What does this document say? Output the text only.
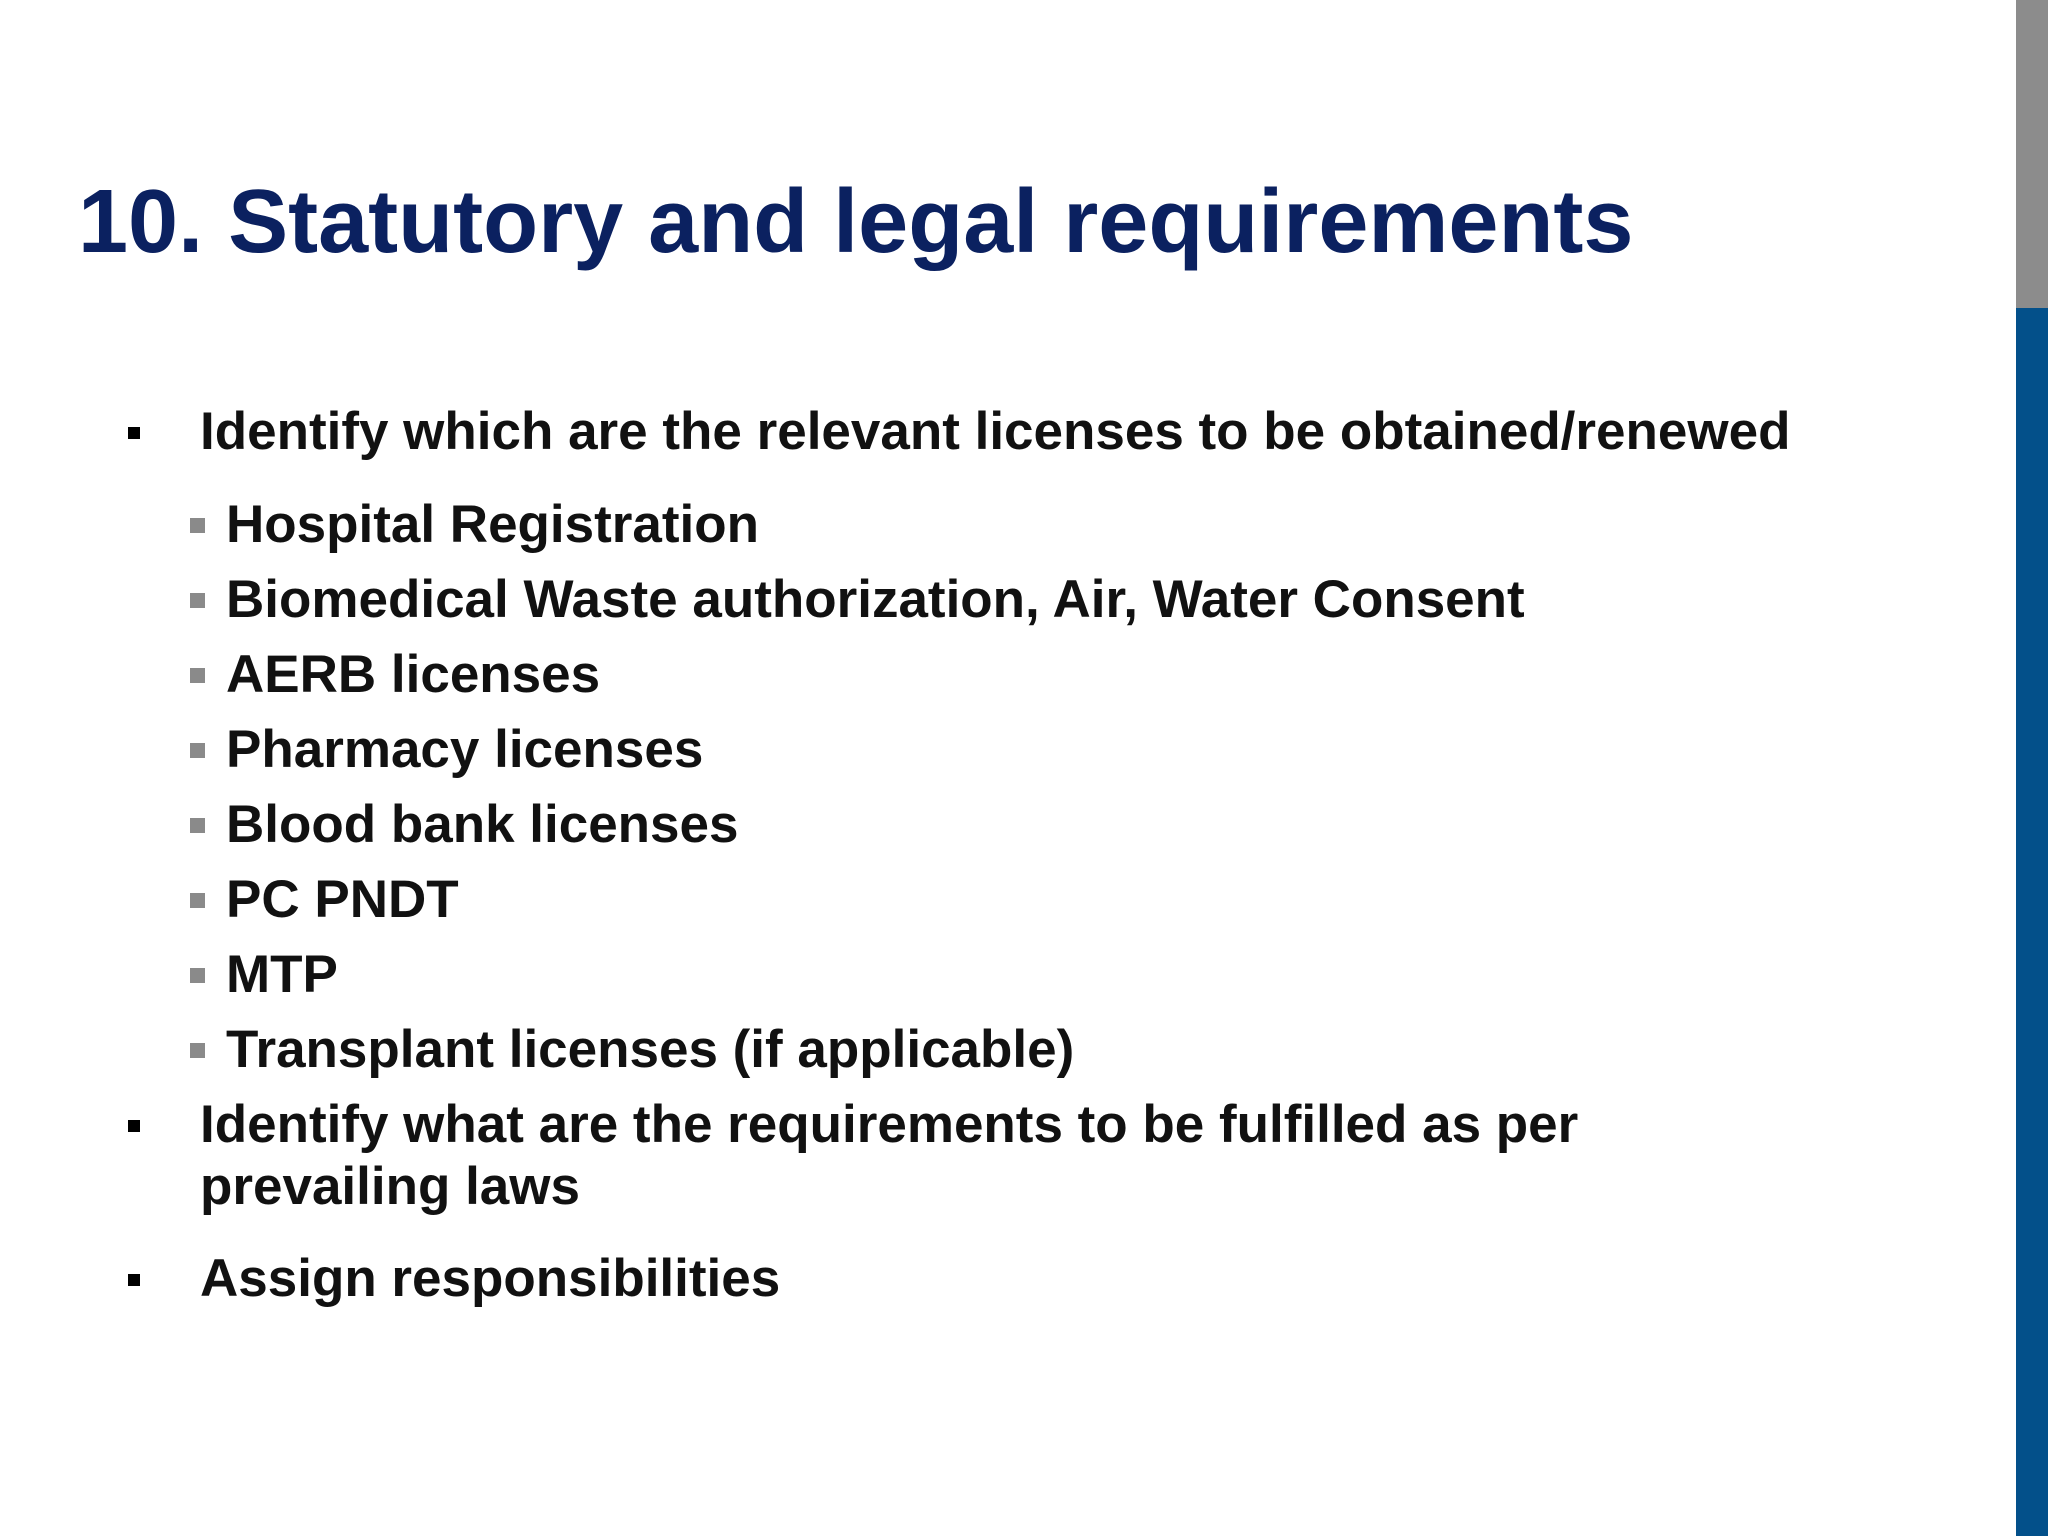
10. Statutory and legal requirements
Identify which are the relevant licenses to be obtained/renewed
Hospital Registration
Biomedical Waste authorization, Air, Water Consent
AERB licenses
Pharmacy licenses
Blood bank licenses
PC PNDT
MTP
Transplant licenses (if applicable)
Identify what are the requirements to be fulfilled as per prevailing laws
Assign responsibilities
